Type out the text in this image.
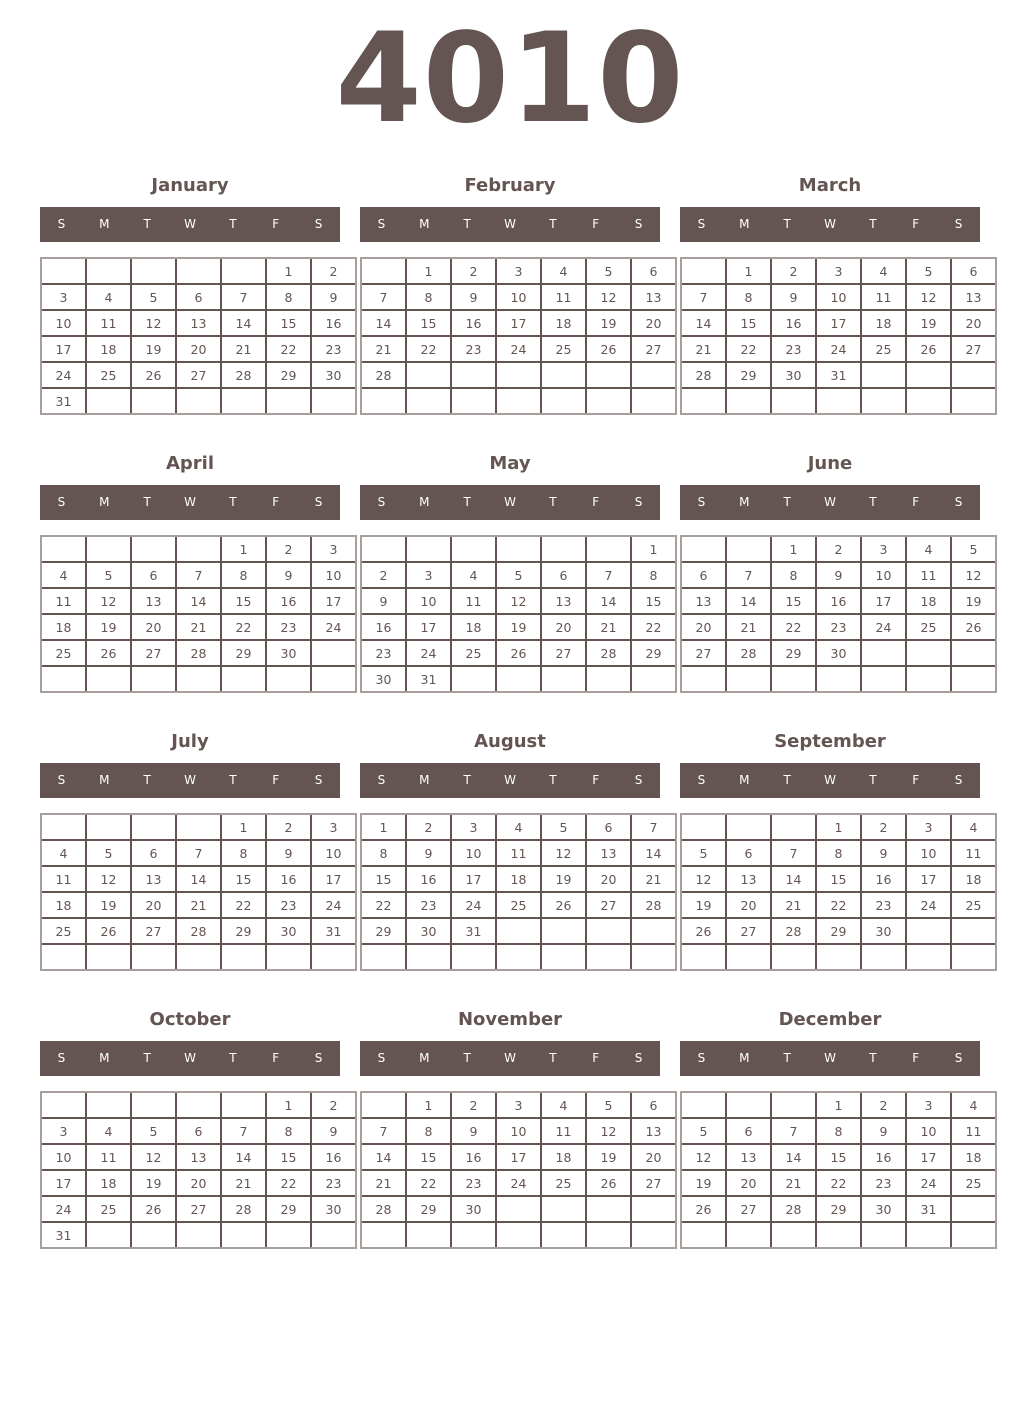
4010
January
S	M	T	W	T	F	S
					1	2
3	4	5	6	7	8	9
10	11	12	13	14	15	16
17	18	19	20	21	22	23
24	25	26	27	28	29	30
31						
February
S	M	T	W	T	F	S
	1	2	3	4	5	6
7	8	9	10	11	12	13
14	15	16	17	18	19	20
21	22	23	24	25	26	27
28						

March
S	M	T	W	T	F	S
	1	2	3	4	5	6
7	8	9	10	11	12	13
14	15	16	17	18	19	20
21	22	23	24	25	26	27
28	29	30	31			

April
S	M	T	W	T	F	S
				1	2	3
4	5	6	7	8	9	10
11	12	13	14	15	16	17
18	19	20	21	22	23	24
25	26	27	28	29	30	

May
S	M	T	W	T	F	S
						1
2	3	4	5	6	7	8
9	10	11	12	13	14	15
16	17	18	19	20	21	22
23	24	25	26	27	28	29
30	31					
June
S	M	T	W	T	F	S
		1	2	3	4	5
6	7	8	9	10	11	12
13	14	15	16	17	18	19
20	21	22	23	24	25	26
27	28	29	30			

July
S	M	T	W	T	F	S
				1	2	3
4	5	6	7	8	9	10
11	12	13	14	15	16	17
18	19	20	21	22	23	24
25	26	27	28	29	30	31

August
S	M	T	W	T	F	S
1	2	3	4	5	6	7
8	9	10	11	12	13	14
15	16	17	18	19	20	21
22	23	24	25	26	27	28
29	30	31				

September
S	M	T	W	T	F	S
			1	2	3	4
5	6	7	8	9	10	11
12	13	14	15	16	17	18
19	20	21	22	23	24	25
26	27	28	29	30		

October
S	M	T	W	T	F	S
					1	2
3	4	5	6	7	8	9
10	11	12	13	14	15	16
17	18	19	20	21	22	23
24	25	26	27	28	29	30
31						
November
S	M	T	W	T	F	S
	1	2	3	4	5	6
7	8	9	10	11	12	13
14	15	16	17	18	19	20
21	22	23	24	25	26	27
28	29	30				

December
S	M	T	W	T	F	S
			1	2	3	4
5	6	7	8	9	10	11
12	13	14	15	16	17	18
19	20	21	22	23	24	25
26	27	28	29	30	31	
